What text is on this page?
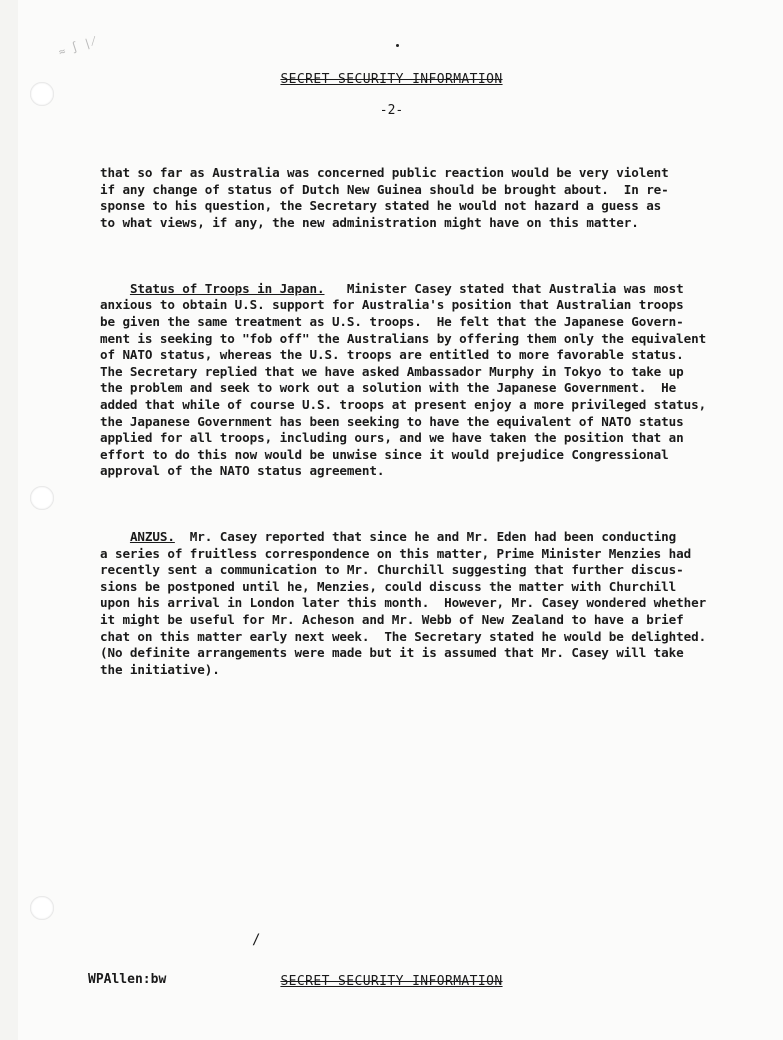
≈ ∫ ∤
SECRET SECURITY INFORMATION
-2-

that so far as Australia was concerned public reaction would be very violent
if any change of status of Dutch New Guinea should be brought about.  In re-
sponse to his question, the Secretary stated he would not hazard a guess as
to what views, if any, the new administration might have on this matter.

Status of Troops in Japan.   Minister Casey stated that Australia was most
anxious to obtain U.S. support for Australia's position that Australian troops
be given the same treatment as U.S. troops.  He felt that the Japanese Govern-
ment is seeking to "fob off" the Australians by offering them only the equivalent
of NATO status, whereas the U.S. troops are entitled to more favorable status.
The Secretary replied that we have asked Ambassador Murphy in Tokyo to take up
the problem and seek to work out a solution with the Japanese Government.  He
added that while of course U.S. troops at present enjoy a more privileged status,
the Japanese Government has been seeking to have the equivalent of NATO status
applied for all troops, including ours, and we have taken the position that an
effort to do this now would be unwise since it would prejudice Congressional
approval of the NATO status agreement.

ANZUS.  Mr. Casey reported that since he and Mr. Eden had been conducting
a series of fruitless correspondence on this matter, Prime Minister Menzies had
recently sent a communication to Mr. Churchill suggesting that further discus-
sions be postponed until he, Menzies, could discuss the matter with Churchill
upon his arrival in London later this month.  However, Mr. Casey wondered whether
it might be useful for Mr. Acheson and Mr. Webb of New Zealand to have a brief
chat on this matter early next week.  The Secretary stated he would be delighted.
(No definite arrangements were made but it is assumed that Mr. Casey will take
the initiative).

/
WPAllen:bw	SECRET SECURITY INFORMATION
